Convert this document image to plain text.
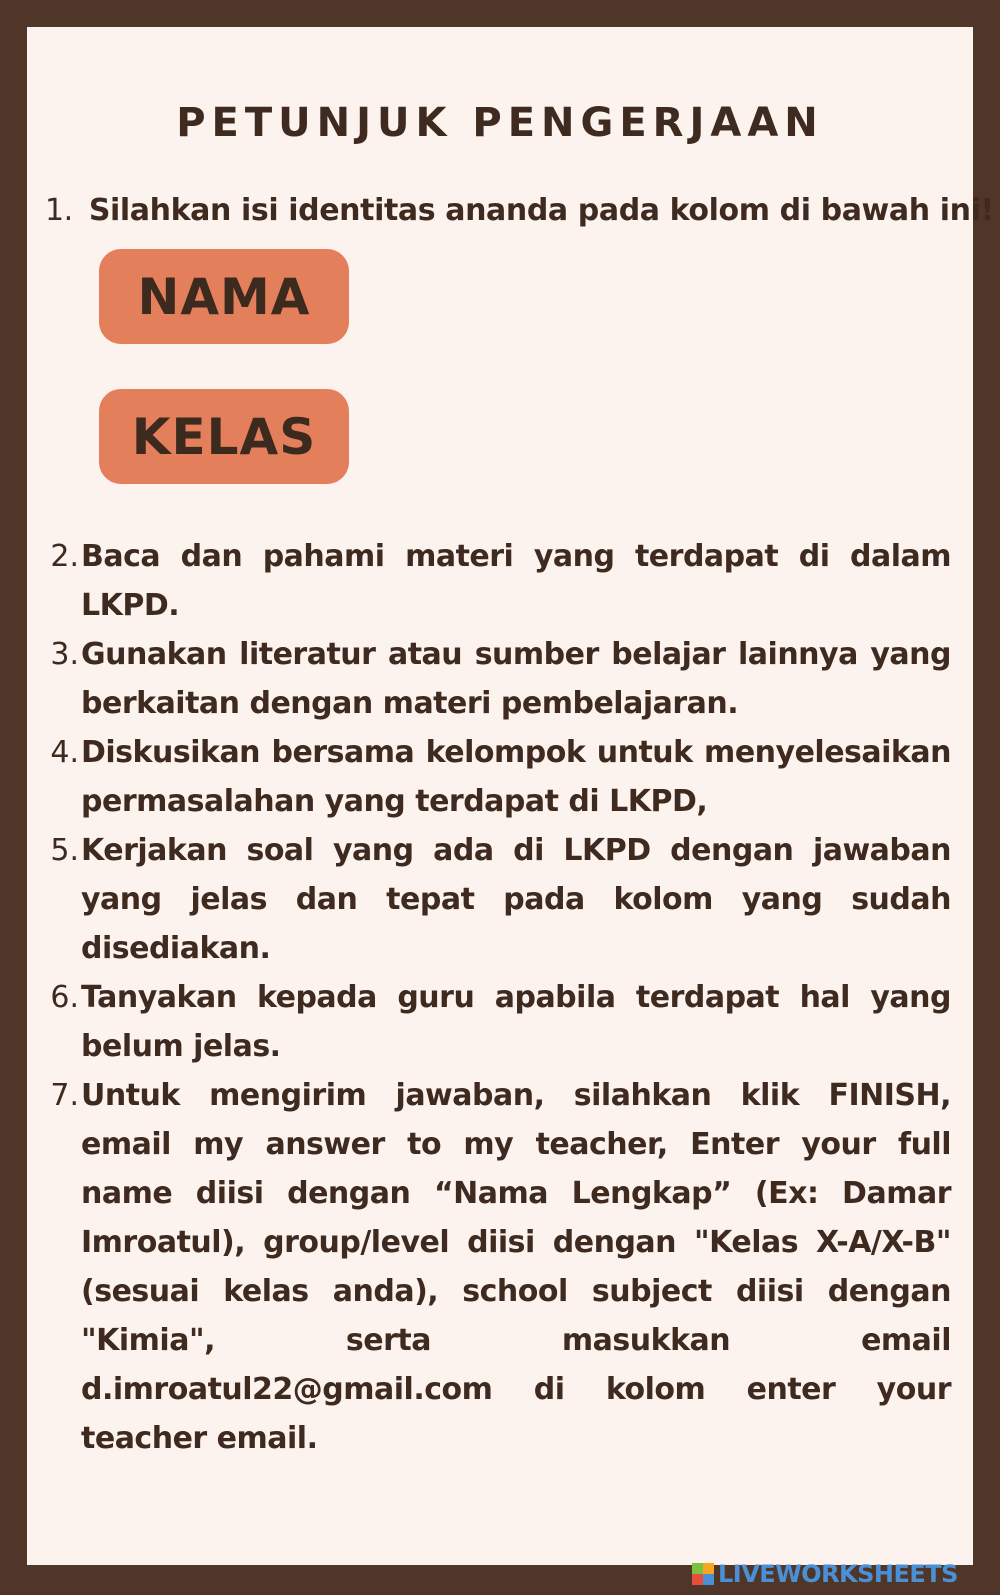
PETUNJUK PENGERJAAN
1. Silahkan isi identitas ananda pada kolom di bawah ini!
NAMA
KELAS
2. Baca dan pahami materi yang terdapat di dalam LKPD.
3. Gunakan literatur atau sumber belajar lainnya yang berkaitan dengan materi pembelajaran.
4. Diskusikan bersama kelompok untuk menyelesaikan permasalahan yang terdapat di LKPD,
5. Kerjakan soal yang ada di LKPD dengan jawaban yang jelas dan tepat pada kolom yang sudah disediakan.
6. Tanyakan kepada guru apabila terdapat hal yang belum jelas.
7. Untuk mengirim jawaban, silahkan klik FINISH, email my answer to my teacher, Enter your full name diisi dengan “Nama Lengkap” (Ex: Damar Imroatul), group/level diisi dengan "Kelas X-A/X-B" (sesuai kelas anda), school subject diisi dengan "Kimia", serta masukkan email d.imroatul22@gmail.com di kolom enter your teacher email.
LIVEWORKSHEETS
